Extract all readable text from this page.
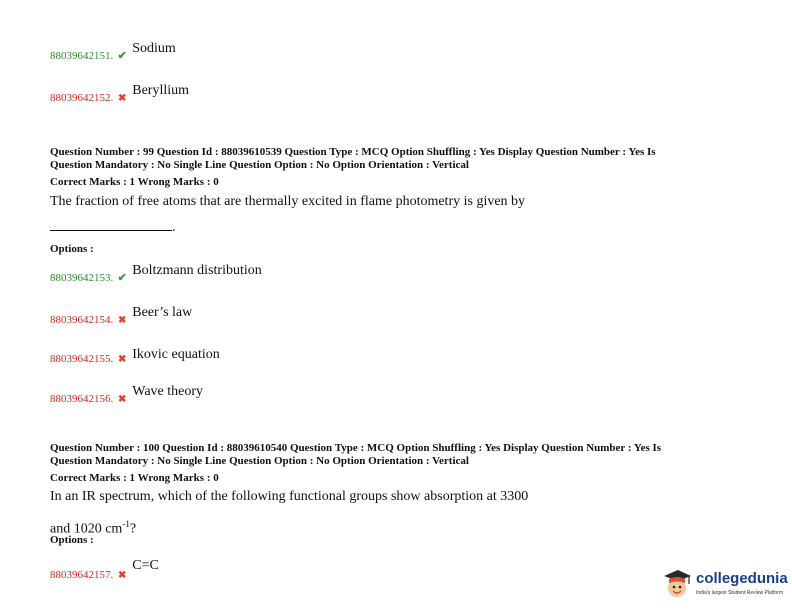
88039642151. ✔ Sodium
88039642152. ✖ Beryllium
Question Number : 99 Question Id : 88039610539 Question Type : MCQ Option Shuffling : Yes Display Question Number : Yes Is
Question Mandatory : No Single Line Question Option : No Option Orientation : Vertical
Correct Marks : 1 Wrong Marks : 0
The fraction of free atoms that are thermally excited in flame photometry is given by
.
Options :
88039642153. ✔ Boltzmann distribution
88039642154. ✖ Beer’s law
88039642155. ✖ Ikovic equation
88039642156. ✖ Wave theory
Question Number : 100 Question Id : 88039610540 Question Type : MCQ Option Shuffling : Yes Display Question Number : Yes Is
Question Mandatory : No Single Line Question Option : No Option Orientation : Vertical
Correct Marks : 1 Wrong Marks : 0
In an IR spectrum, which of the following functional groups show absorption at 3300
and 1020 $cm^{-1}$?
Options :
88039642157. ✖ C=C
collegedunia
India's largest Student Review Platform
